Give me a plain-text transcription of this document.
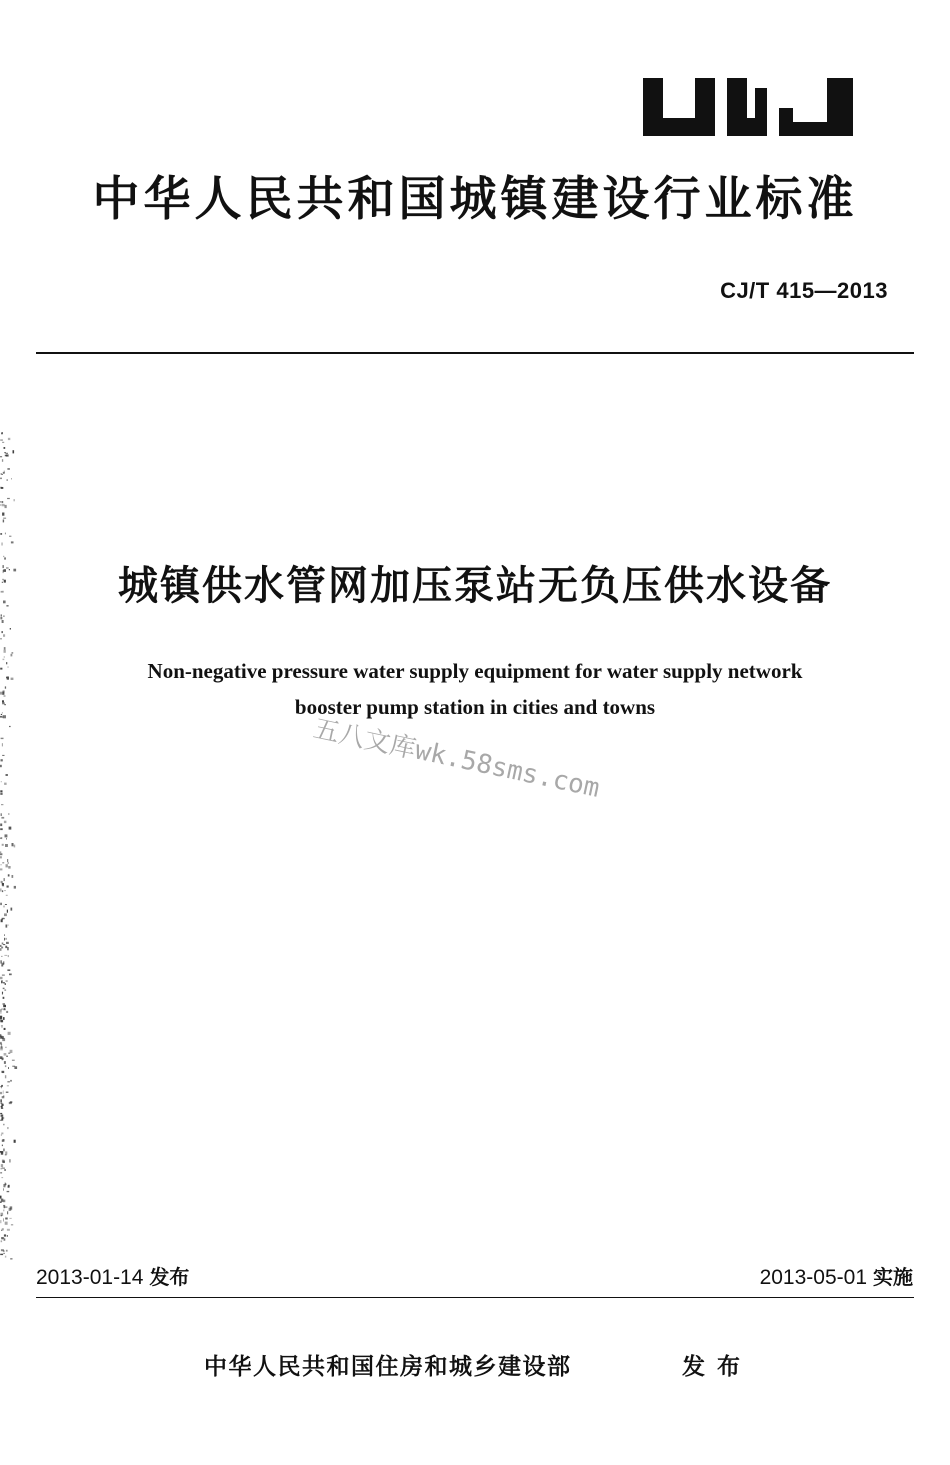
中华人民共和国城镇建设行业标准
CJ/T 415—2013
城镇供水管网加压泵站无负压供水设备
Non-negative pressure water supply equipment for water supply network
booster pump station in cities and towns
五八文库wk.58sms.com
2013-01-14 发布	2013-05-01 实施
中华人民共和国住房和城乡建设部	发布
